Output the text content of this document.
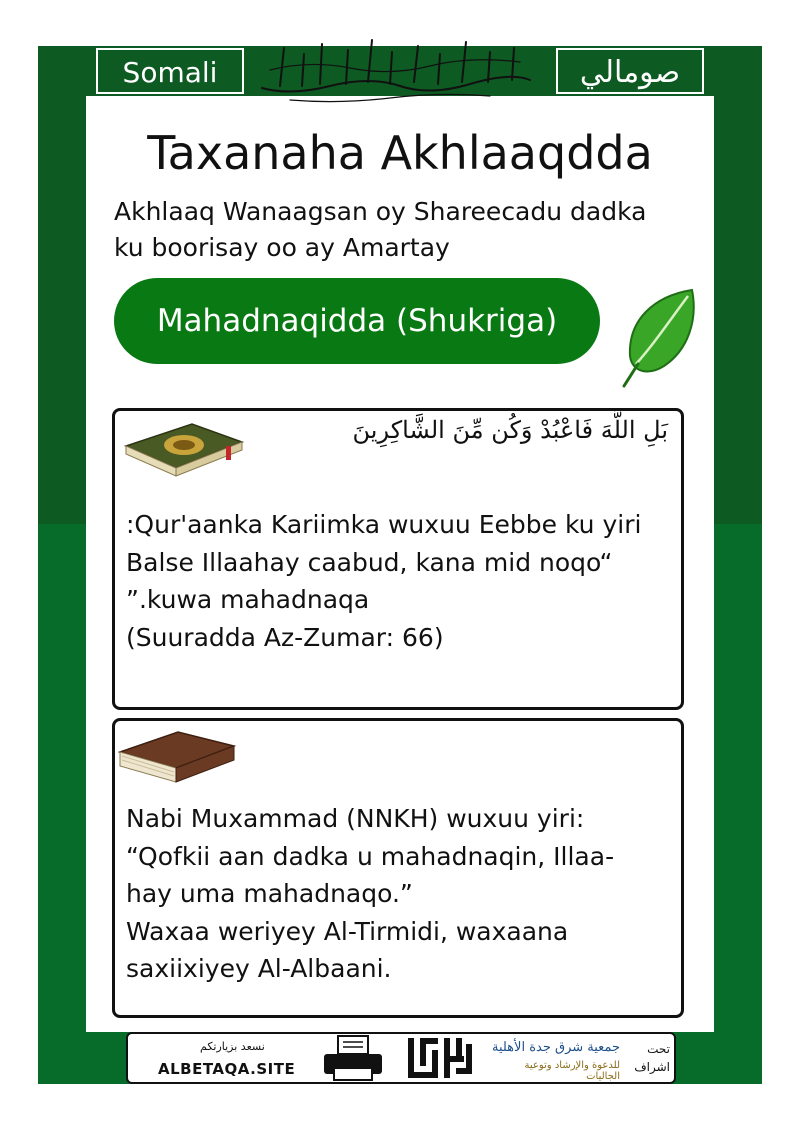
Somali	صومالي
Taxanaha Akhlaaqdda
Akhlaaq Wanaagsan oy Shareecadu dadka
ku boorisay oo ay Amartay
Mahadnaqidda (Shukriga)
بَلِ اللَّهَ فَاعْبُدْ وَكُن مِّنَ الشَّاكِرِينَ
:Qur'aanka Kariimka wuxuu Eebbe ku yiri
Balse Illaahay caabud, kana mid noqo“
”.kuwa mahadnaqa
(Suuradda Az-Zumar: 66)
Nabi Muxammad (NNKH) wuxuu yiri:
“Qofkii aan dadka u mahadnaqin, Illaa-
hay uma mahadnaqo.”
Waxaa weriyey Al-Tirmidi, waxaana
saxiixiyey Al-Albaani.
نسعد بزيارتكم
ALBETAQA.SITE
جمعية شرق جدة الأهلية
للدعوة والإرشاد وتوعية الجاليات
تحت
اشراف
